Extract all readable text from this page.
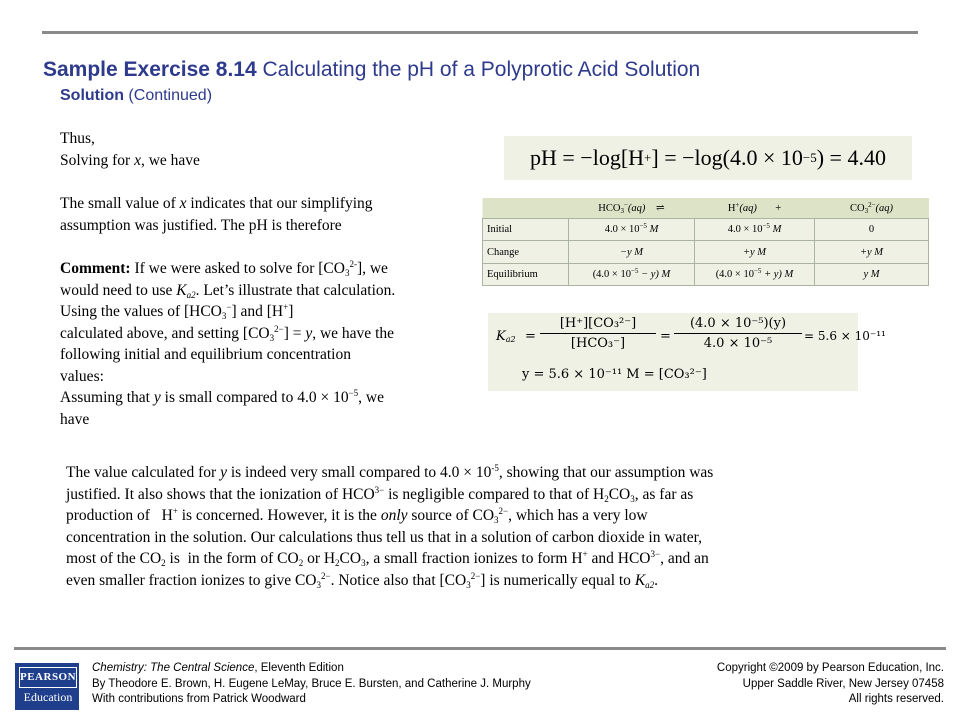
Sample Exercise 8.14 Calculating the pH of a Polyprotic Acid Solution
Solution (Continued)
Thus,
Solving for x, we have
The small value of x indicates that our simplifying
assumption was justified. The pH is therefore
Comment: If we were asked to solve for $[CO_3^{2-}]$, we
would need to use $K_{a2}$. Let’s illustrate that calculation.
Using the values of $[HCO_3^-]$ and [H+]
calculated above, and setting $[CO_3^{2-}] = y$, we have the
following initial and equilibrium concentration
values:
Assuming that y is small compared to $4.0 \times 10^{-5}$, we
have
pH = −log[H + ] = −log(4.0 × 10 −5 ) = 4.40
	$HCO_3^-(aq)$ ⇌	H+(aq) +	$CO_3^{2-}(aq)$
Initial	$4.0 \times 10^{-5}$ M	$4.0 \times 10^{-5}$ M	0
Change	−y M	+y M	+y M
Equilibrium	$(4.0 \times 10^{-5} - y)$ M	$(4.0 \times 10^{-5} + y)$ M	y M
$K_{a2}$ =
[H⁺][CO₃²⁻]
[HCO₃⁻]	=
(4.0 × 10⁻⁵)(y)
4.0 × 10⁻⁵	= 5.6 × 10⁻¹¹
y = 5.6 × 10⁻¹¹ M = [CO₃²⁻]
The value calculated for y is indeed very small compared to $4.0 \times 10^{-5}$, showing that our assumption was
justified. It also shows that the ionization of $HCO^{3-}$ is negligible compared to that of $H_2CO_3$, as far as
production of   H+ is concerned. However, it is the only source of $CO_3^{2-}$, which has a very low
concentration in the solution. Our calculations thus tell us that in a solution of carbon dioxide in water,
most of the $CO_2$ is  in the form of $CO_2$ or $H_2CO_3$, a small fraction ionizes to form H+ and $HCO^{3-}$, and an
even smaller fraction ionizes to give $CO_3^{2-}$. Notice also that $[CO_3^{2-}]$ is numerically equal to $K_{a2}$.
PEARSON
Education
Chemistry: The Central Science, Eleventh Edition
By Theodore E. Brown, H. Eugene LeMay, Bruce E. Bursten, and Catherine J. Murphy
With contributions from Patrick Woodward
Copyright ©2009 by Pearson Education, Inc.
Upper Saddle River, New Jersey 07458
All rights reserved.
